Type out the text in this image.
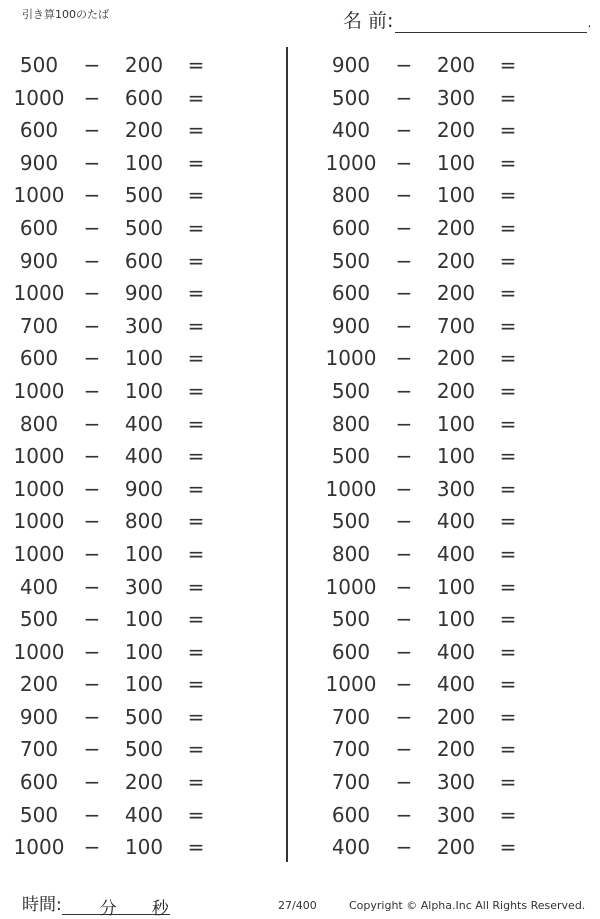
引き算100のたば	名 前:	.
500	−	200	=
1000 −	600	=
600	−	200	=
900	−	100	=
1000 −	500	=
600	−	500	=
900	−	600	=
1000 −	900	=
700	−	300	=
600	−	100	=
1000 −	100	=
800	−	400	=
1000 −	400	=
1000 −	900	=
1000 −	800	=
1000 −	100	=
400	−	300	=
500	−	100	=
1000 −	100	=
200	−	100	=
900	−	500	=
700	−	500	=
600	−	200	=
500	−	400	=
1000 −	100	=
900	−	200	=
500	−	300	=
400	−	200	=
1000 −	100	=
800	−	100	=
600	−	200	=
500	−	200	=
600	−	200	=
900	−	700	=
1000 −	200	=
500	−	200	=
800	−	100	=
500	−	100	=
1000 −	300	=
500	−	400	=
800	−	400	=
1000 −	100	=
500	−	100	=
600	−	400	=
1000 −	400	=
700	−	200	=
700	−	200	=
700	−	300	=
600	−	300	=
400	−	200	=
時間: 分 秒	27/400	Copyright © Alpha.Inc All Rights Reserved.
